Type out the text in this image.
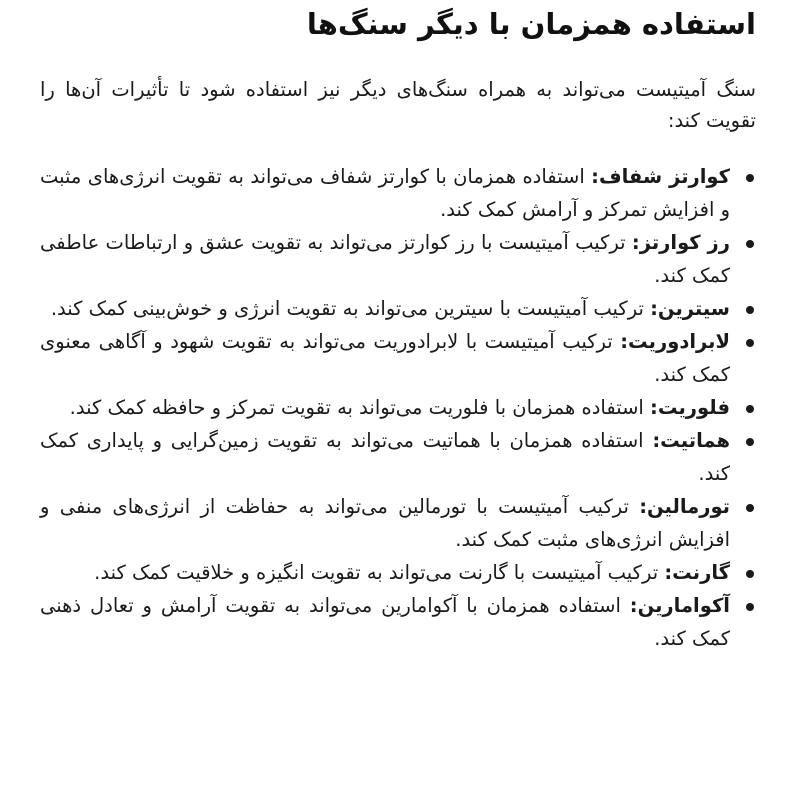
استفاده همزمان با دیگر سنگ‌ها

سنگ آمیتیست می‌تواند به همراه سنگ‌های دیگر نیز استفاده شود تا تأثیرات آن‌ها را تقویت کند:

کوارتز شفاف: استفاده همزمان با کوارتز شفاف می‌تواند به تقویت انرژی‌های مثبت و افزایش تمرکز و آرامش کمک کند.
رز کوارتز: ترکیب آمیتیست با رز کوارتز می‌تواند به تقویت عشق و ارتباطات عاطفی کمک کند.
سیترین: ترکیب آمیتیست با سیترین می‌تواند به تقویت انرژی و خوش‌بینی کمک کند.
لابرادوریت: ترکیب آمیتیست با لابرادوریت می‌تواند به تقویت شهود و آگاهی معنوی کمک کند.
فلوریت: استفاده همزمان با فلوریت می‌تواند به تقویت تمرکز و حافظه کمک کند.
هماتیت: استفاده همزمان با هماتیت می‌تواند به تقویت زمین‌گرایی و پایداری کمک کند.
تورمالین: ترکیب آمیتیست با تورمالین می‌تواند به حفاظت از انرژی‌های منفی و افزایش انرژی‌های مثبت کمک کند.
گارنت: ترکیب آمیتیست با گارنت می‌تواند به تقویت انگیزه و خلاقیت کمک کند.
آکوامارین: استفاده همزمان با آکوامارین می‌تواند به تقویت آرامش و تعادل ذهنی کمک کند.
